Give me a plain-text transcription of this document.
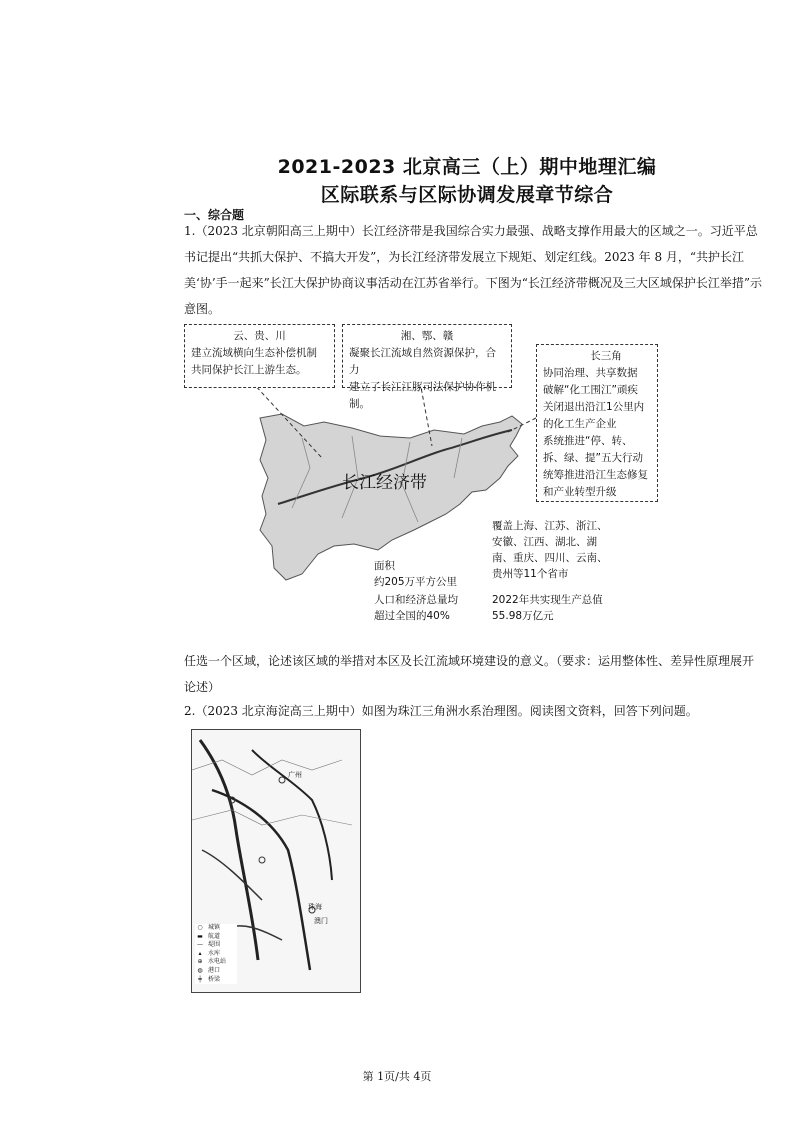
2021-2023 北京高三（上）期中地理汇编
区际联系与区际协调发展章节综合
一、综合题
1.（2023 北京朝阳高三上期中）长江经济带是我国综合实力最强、战略支撑作用最大的区域之一。习近平总书记提出“共抓大保护、不搞大开发”，为长江经济带发展立下规矩、划定红线。2023 年 8 月，“共护长江美‘协’手一起来”长江大保护协商议事活动在江苏省举行。下图为“长江经济带概况及三大区域保护长江举措”示意图。
长江经济带
云、贵、川
建立流域横向生态补偿机制
共同保护长江上游生态。
湘、鄂、赣
凝聚长江流域自然资源保护，合力
建立了长江江豚司法保护协作机制。
长三角
协同治理、共享数据
破解“化工围江”顽疾
关闭退出沿江1公里内
的化工生产企业
系统推进“停、转、
拆、绿、提”五大行动
统筹推进沿江生态修复
和产业转型升级
面积
约205万平方公里
人口和经济总量均
超过全国的40%
覆盖上海、江苏、浙江、
安徽、江西、湖北、湖
南、重庆、四川、云南、
贵州等11个省市
2022年共实现生产总值
55.98万亿元
任选一个区域，论述该区域的举措对本区及长江流域环境建设的意义。（要求：运用整体性、差异性原理展开论述）
2.（2023 北京海淀高三上期中）如图为珠江三角洲水系治理图。阅读图文资料，回答下列问题。
广州
珠海
澳门
○ 城镇
▬ 航道
— 堤围
▴	水库
⊕ 水电站
◍ 港口
╪	桥梁
第 1页/共 4页
